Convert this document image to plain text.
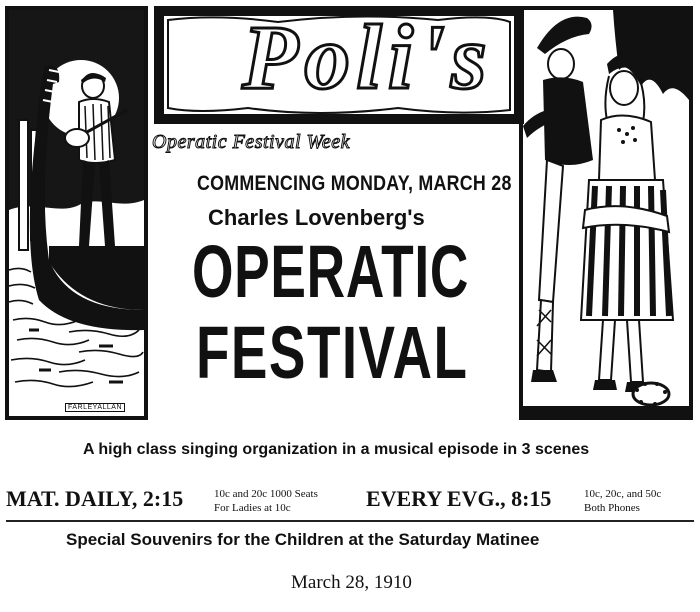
FARLEYALLAN
Poli's
Operatic Festival Week
COMMENCING MONDAY, MARCH 28
Charles Lovenberg's
OPERATIC
FESTIVAL
A high class singing organization in a musical episode in 3 scenes
MAT. DAILY, 2:15	10c and 20c 1000 Seats
For Ladies at 10c	EVERY EVG., 8:15	10c, 20c, and 50c
Both Phones
Special Souvenirs for the Children at the Saturday Matinee
March 28, 1910
